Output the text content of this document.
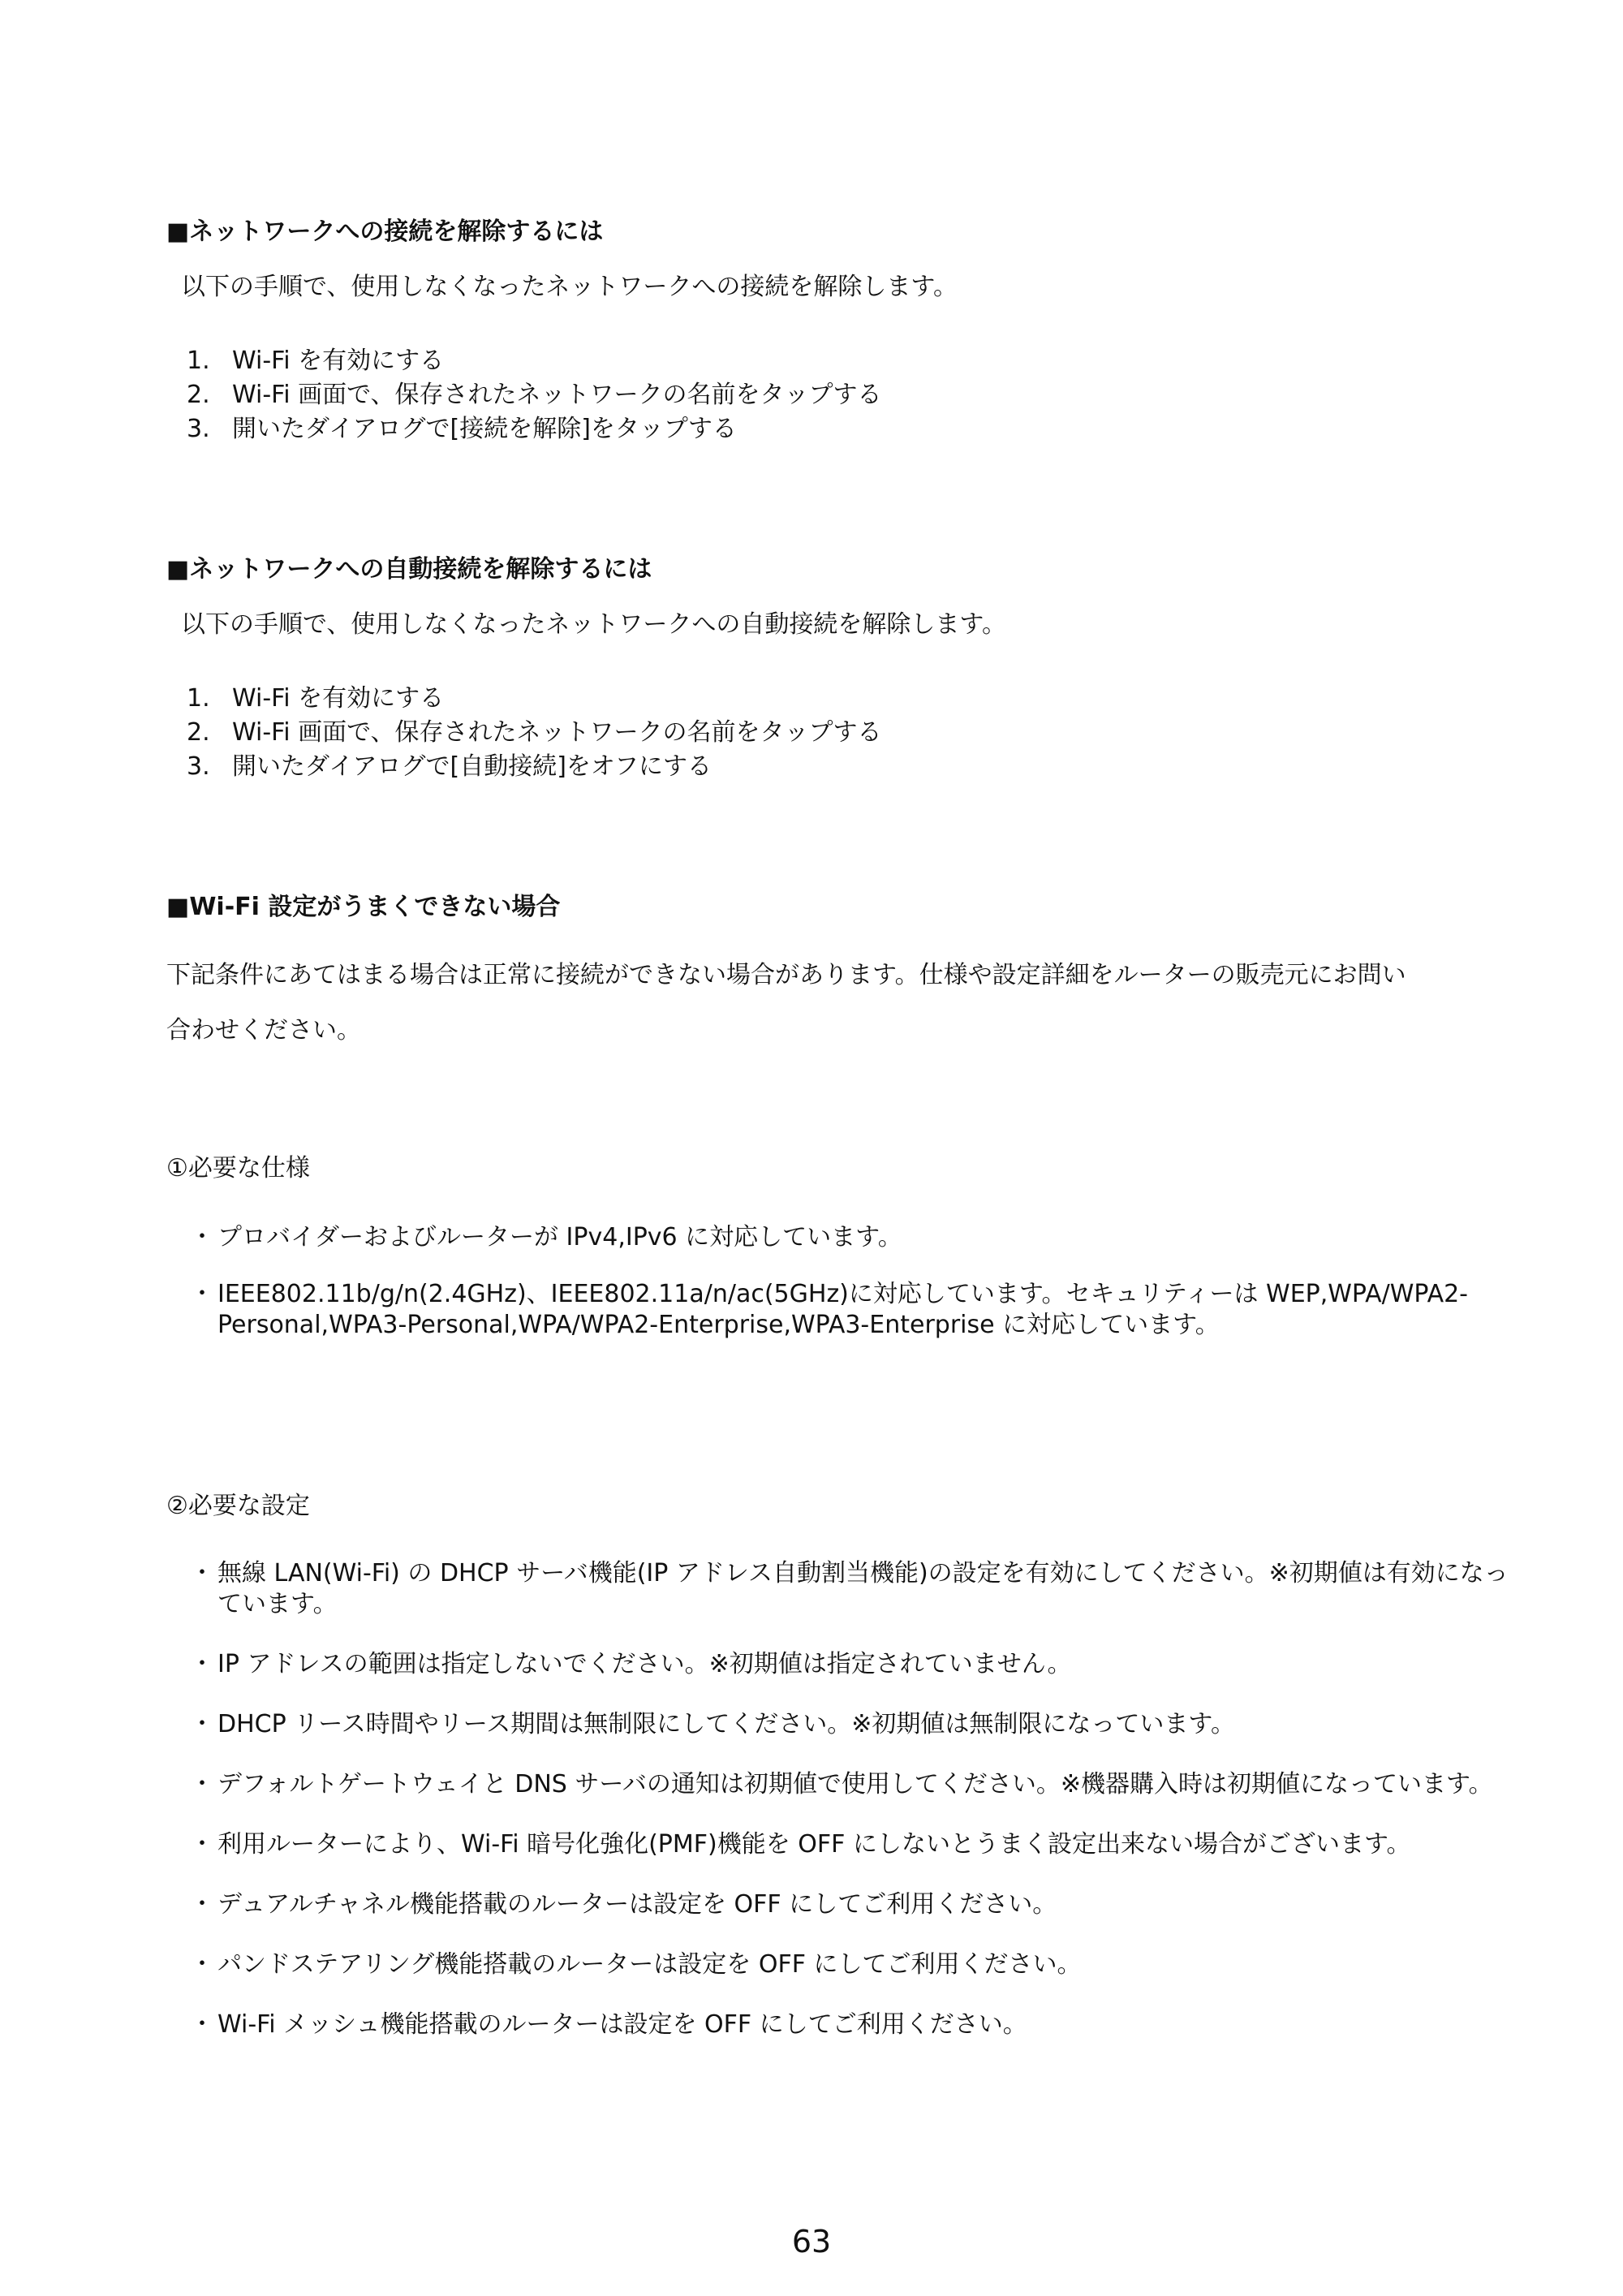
■ネットワークへの接続を解除するには
以下の手順で、使用しなくなったネットワークへの接続を解除します。
1. Wi-Fi を有効にする
2. Wi-Fi 画面で、保存されたネットワークの名前をタップする
3. 開いたダイアログで[接続を解除]をタップする
■ネットワークへの自動接続を解除するには
以下の手順で、使用しなくなったネットワークへの自動接続を解除します。
1. Wi-Fi を有効にする
2. Wi-Fi 画面で、保存されたネットワークの名前をタップする
3. 開いたダイアログで[自動接続]をオフにする
■Wi-Fi 設定がうまくできない場合
下記条件にあてはまる場合は正常に接続ができない場合があります。仕様や設定詳細をルーターの販売元にお問い
合わせください。
①必要な仕様
・ プロバイダーおよびルーターが IPv4,IPv6 に対応しています。
・ IEEE802.11b/g/n(2.4GHz)、IEEE802.11a/n/ac(5GHz)に対応しています。セキュリティーは WEP,WPA/WPA2-Personal,WPA3-Personal,WPA/WPA2-Enterprise,WPA3-Enterprise に対応しています。
②必要な設定
・ 無線 LAN(Wi-Fi) の DHCP サーバ機能(IP アドレス自動割当機能)の設定を有効にしてください。※初期値は有効になっています。
・ IP アドレスの範囲は指定しないでください。※初期値は指定されていません。
・ DHCP リース時間やリース期間は無制限にしてください。※初期値は無制限になっています。
・ デフォルトゲートウェイと DNS サーバの通知は初期値で使用してください。※機器購入時は初期値になっています。
・ 利用ルーターにより、Wi-Fi 暗号化強化(PMF)機能を OFF にしないとうまく設定出来ない場合がございます。
・ デュアルチャネル機能搭載のルーターは設定を OFF にしてご利用ください。
・ パンドステアリング機能搭載のルーターは設定を OFF にしてご利用ください。
・ Wi-Fi メッシュ機能搭載のルーターは設定を OFF にしてご利用ください。
63
